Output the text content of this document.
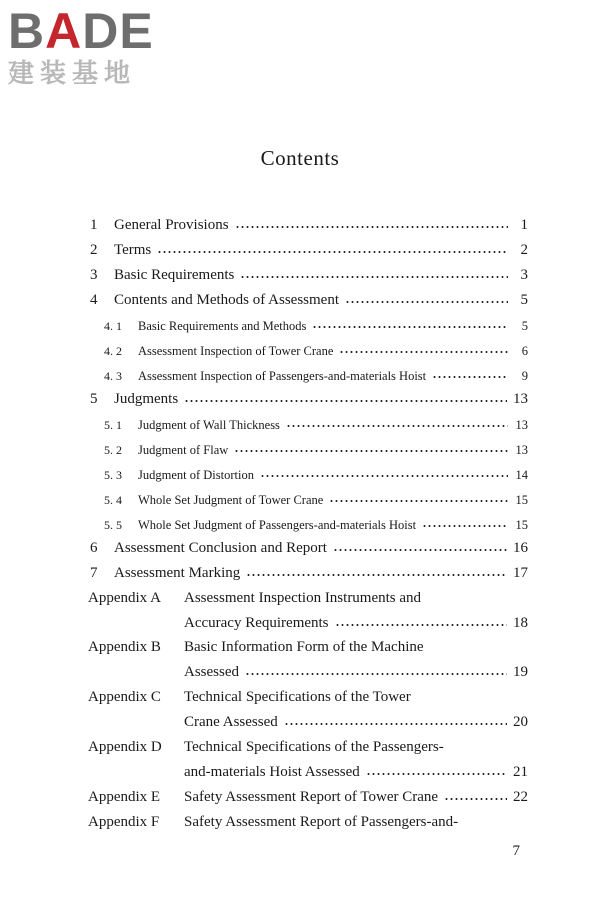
BADE
建装基地
Contents
1	General Provisions	1
2	Terms	2
3	Basic Requirements	3
4	Contents and Methods of Assessment	5
4. 1	Basic Requirements and Methods	5
4. 2	Assessment Inspection of Tower Crane	6
4. 3	Assessment Inspection of Passengers-and-materials Hoist	9
5	Judgments	13
5. 1	Judgment of Wall Thickness	13
5. 2	Judgment of Flaw	13
5. 3	Judgment of Distortion	14
5. 4	Whole Set Judgment of Tower Crane	15
5. 5	Whole Set Judgment of Passengers-and-materials Hoist	15
6	Assessment Conclusion and Report	16
7	Assessment Marking	17
Appendix A	Assessment Inspection Instruments and
Accuracy Requirements	18
Appendix B	Basic Information Form of the Machine
Assessed	19
Appendix C	Technical Specifications of the Tower
Crane Assessed	20
Appendix D	Technical Specifications of the Passengers-
and-materials Hoist Assessed	21
Appendix E	Safety Assessment Report of Tower Crane	22
Appendix F	Safety Assessment Report of Passengers-and-
7
